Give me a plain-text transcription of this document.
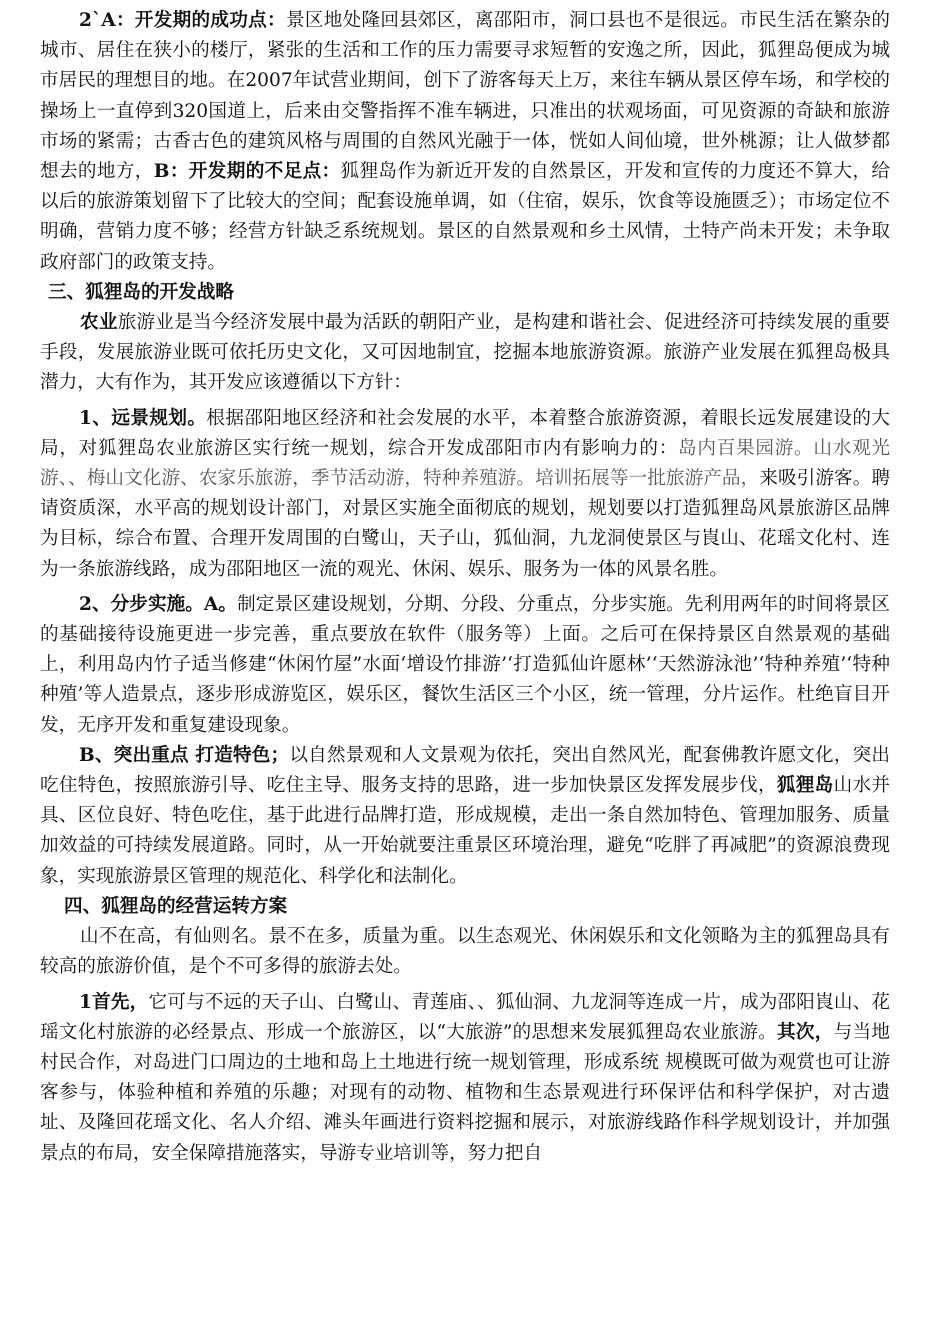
2`A：开发期的成功点：景区地处隆回县郊区，离邵阳市，洞口县也不是很远。市民生活在繁杂的城市、居住在狭小的楼厅，紧张的生活和工作的压力需要寻求短暂的安逸之所，因此，狐狸岛便成为城市居民的理想目的地。在2007年试营业期间，创下了游客每天上万，来往车辆从景区停车场，和学校的操场上一直停到320国道上，后来由交警指挥不准车辆进，只准出的状观场面，可见资源的奇缺和旅游市场的紧需；古香古色的建筑风格与周围的自然风光融于一体，恍如人间仙境，世外桃源；让人做梦都想去的地方，B：开发期的不足点：狐狸岛作为新近开发的自然景区，开发和宣传的力度还不算大，给以后的旅游策划留下了比较大的空间；配套设施单调，如（住宿，娱乐，饮食等设施匮乏）；市场定位不明确，营销力度不够；经营方针缺乏系统规划。景区的自然景观和乡土风情，土特产尚未开发；未争取政府部门的政策支持。

三、狐狸岛的开发战略

农业旅游业是当今经济发展中最为活跃的朝阳产业，是构建和谐社会、促进经济可持续发展的重要手段，发展旅游业既可依托历史文化，又可因地制宜，挖掘本地旅游资源。旅游产业发展在狐狸岛极具潜力，大有作为，其开发应该遵循以下方针：

1、远景规划。根据邵阳地区经济和社会发展的水平，本着整合旅游资源，着眼长远发展建设的大局，对狐狸岛农业旅游区实行统一规划，综合开发成邵阳市内有影响力的：岛内百果园游。山水观光游、、梅山文化游、农家乐旅游，季节活动游，特种养殖游。培训拓展等一批旅游产品，来吸引游客。聘请资质深，水平高的规划设计部门，对景区实施全面彻底的规划，规划要以打造狐狸岛风景旅游区品牌为目标，综合布置、合理开发周围的白鹭山，天子山，狐仙洞，九龙洞使景区与崀山、花瑶文化村、连为一条旅游线路，成为邵阳地区一流的观光、休闲、娱乐、服务为一体的风景名胜。

2、分步实施。A。制定景区建设规划，分期、分段、分重点，分步实施。先利用两年的时间将景区的基础接待设施更进一步完善，重点要放在软件（服务等）上面。之后可在保持景区自然景观的基础上，利用岛内竹子适当修建“休闲竹屋”水面‘增设竹排游’‘打造狐仙许愿林’‘天然游泳池’‘特种养殖’‘特种种殖’等人造景点，逐步形成游览区，娱乐区，餐饮生活区三个小区，统一管理，分片运作。杜绝盲目开发，无序开发和重复建设现象。

B、突出重点 打造特色；以自然景观和人文景观为依托，突出自然风光，配套佛教许愿文化，突出吃住特色，按照旅游引导、吃住主导、服务支持的思路，进一步加快景区发挥发展步伐，狐狸岛山水并具、区位良好、特色吃住，基于此进行品牌打造，形成规模，走出一条自然加特色、管理加服务、质量加效益的可持续发展道路。同时，从一开始就要注重景区环境治理，避免“吃胖了再减肥”的资源浪费现象，实现旅游景区管理的规范化、科学化和法制化。

四、狐狸岛的经营运转方案

山不在高，有仙则名。景不在多，质量为重。以生态观光、休闲娱乐和文化领略为主的狐狸岛具有较高的旅游价值，是个不可多得的旅游去处。

1首先，它可与不远的天子山、白鹭山、青莲庙、、狐仙洞、九龙洞等连成一片，成为邵阳崀山、花瑶文化村旅游的必经景点、形成一个旅游区，以“大旅游”的思想来发展狐狸岛农业旅游。其次，与当地村民合作，对岛进门口周边的土地和岛上土地进行统一规划管理，形成系统 规模既可做为观赏也可让游客参与，体验种植和养殖的乐趣；对现有的动物、植物和生态景观进行环保评估和科学保护，对古遗址、及隆回花瑶文化、名人介绍、滩头年画进行资料挖掘和展示，对旅游线路作科学规划设计，并加强景点的布局，安全保障措施落实，导游专业培训等，努力把自
